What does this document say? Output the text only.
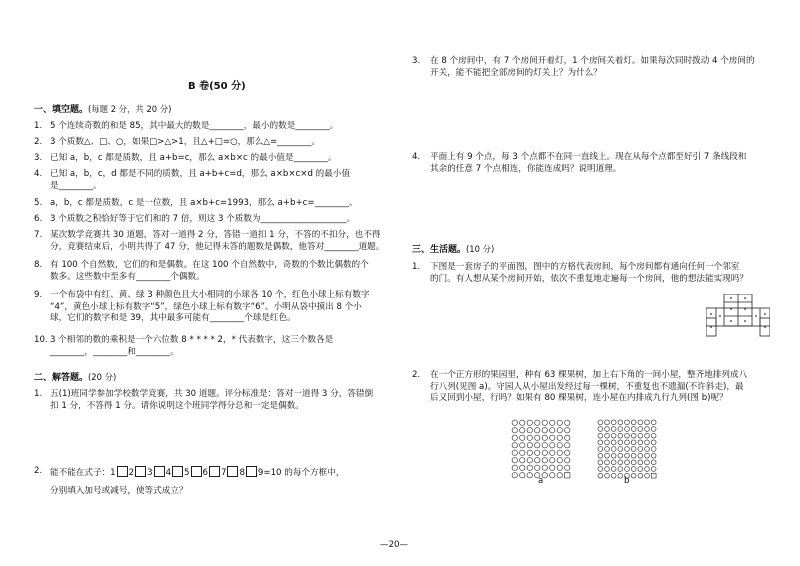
B 卷(50 分)
一、填空题。(每题 2 分，共 20 分)
1. 5 个连续奇数的和是 85，其中最大的数是________，最小的数是________。
2. 3 个质数△、□、○，如果□>△>1，且△+□=○，那么△=________。
3. 已知 a，b，c 都是质数，且 a+b=c，那么 a×b×c 的最小值是________。
4. 已知 a，b，c，d 都是不同的质数，且 a+b+c=d，那么 a×b×c×d 的最小值
是________。
5. a，b，c 都是质数，c 是一位数，且 a×b+c=1993，那么 a+b+c=________。
6. 3 个质数之积恰好等于它们和的 7 倍，则这 3 个质数为____________________。
7. 某次数学竞赛共 30 道题，答对一道得 2 分，答错一道扣 1 分，不答的不扣分，也不得
分，竞赛结束后，小明共得了 47 分，他记得未答的题数是偶数，他答对________道题。
8. 有 100 个自然数，它们的和是偶数。在这 100 个自然数中，奇数的个数比偶数的个
数多。这些数中至多有________个偶数。
9. 一个布袋中有红、黄、绿 3 种颜色且大小相同的小球各 10 个，红色小球上标有数字
“4”，黄色小球上标有数字“5”，绿色小球上标有数字“6”。小明从袋中摸出 8 个小
球，它们的数字和是 39，其中最多可能有________个球是红色。
10. 3 个相邻的数的乘积是一个六位数 8 * * * * 2，* 代表数字，这三个数各是
________，________和________。
二、解答题。(20 分)
1. 五(1)班同学参加学校数学竞赛，共 30 道题。评分标准是：答对一道得 3 分，答错倒
扣 1 分，不答得 1 分。请你说明这个班同学得分总和一定是偶数。
2. 能不能在式子：1 2 3 4 5 6 7 8 9=10 的每个方框中，
分别填入加号或减号，使等式成立？
3. 在 8 个房间中，有 7 个房间开着灯，1 个房间关着灯。如果每次同时拨动 4 个房间的
开关，能不能把全部房间的灯关上？为什么？
4. 平面上有 9 个点，每 3 个点都不在同一直线上。现在从每个点都至好引 7 条线段和
其余的任意 7 个点相连，你能连成吗？说明道理。
三、生活题。(10 分)
1. 下图是一套房子的平面图，图中的方格代表房间，每个房间都有通向任何一个邻室
的门。有人想从某个房间开始，依次不重复地走遍每一个房间，他的想法能实现吗？
2. 在一个正方形的果园里，种有 63 棵果树，加上右下角的一间小屋，整齐地排列成八
行八列(见图 a)。守园人从小屋出发经过每一棵树，不重复也不遗漏(不许斜走)，最
后又回到小屋，行吗？如果有 80 棵果树，连小屋在内排成九行九列(图 b)呢？
a	b
—20—
